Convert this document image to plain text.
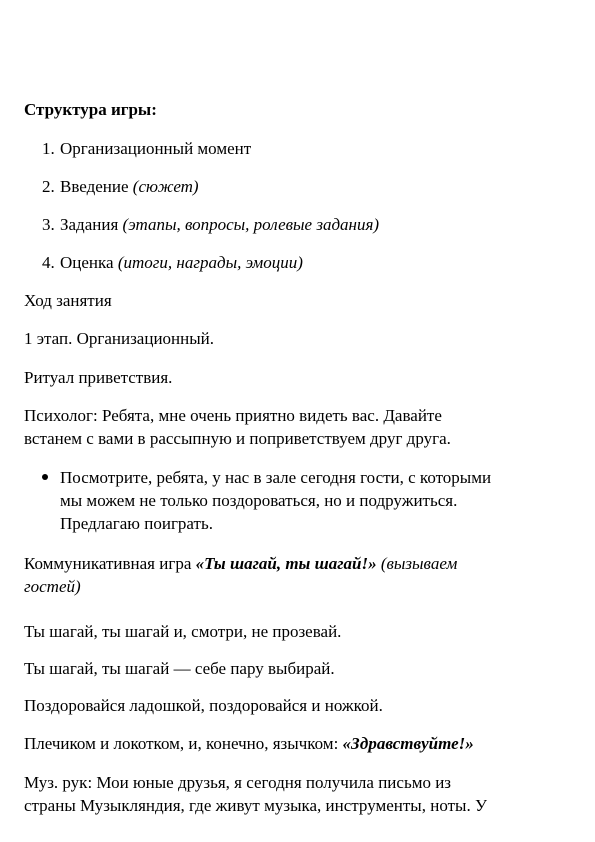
Структура игры:
1. Организационный момент
2. Введение (сюжет)
3. Задания (этапы, вопросы, ролевые задания)
4. Оценка (итоги, награды, эмоции)
Ход занятия
1 этап. Организационный.
Ритуал приветствия.
Психолог: Ребята, мне очень приятно видеть вас. Давайте
встанем с вами в рассыпную и поприветствуем друг друга.
Посмотрите, ребята, у нас в зале сегодня гости, с которыми
мы можем не только поздороваться, но и подружиться.
Предлагаю поиграть.
Коммуникативная игра «Ты шагай, ты шагай!» (вызываем
гостей)
Ты шагай, ты шагай и, смотри, не прозевай.
Ты шагай, ты шагай — себе пару выбирай.
Поздоровайся ладошкой, поздоровайся и ножкой.
Плечиком и локотком, и, конечно, язычком: «Здравствуйте!»
Муз. рук: Мои юные друзья, я сегодня получила письмо из
страны Музыкляндия, где живут музыка, инструменты, ноты. У
